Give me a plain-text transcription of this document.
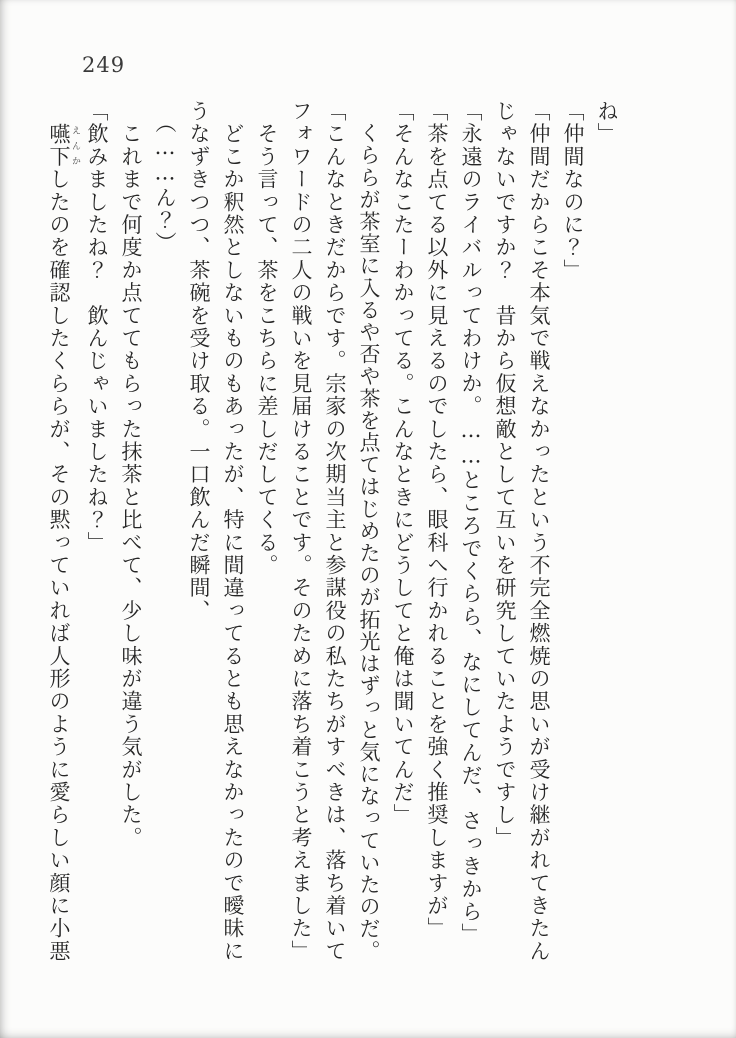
249

ね」

「仲間なのに？」

「仲間だからこそ本気で戦えなかったという不完全燃焼の思いが受け継がれてきたんじゃないですか？　昔から仮想敵として互いを研究していたようですし」

「永遠のライバルってわけか。……ところでくらら、なにしてんだ、さっきから」

「茶を点てる以外に見えるのでしたら、眼科へ行かれることを強く推奨しますが」

「そんなこたーわかってる。こんなときにどうしてと俺は聞いてんだ」

　くららが茶室に入るや否や茶を点てはじめたのが拓光はずっと気になっていたのだ。

「こんなときだからです。宗家の次期当主と参謀役の私たちがすべきは、落ち着いてフォワードの二人の戦いを見届けることです。そのために落ち着こうと考えました」

　そう言って、茶をこちらに差しだしてくる。

　どこか釈然としないものもあったが、特に間違ってるとも思えなかったので曖昧にうなずきつつ、茶碗を受け取る。一口飲んだ瞬間、

　（……ん？）

　これまで何度か点ててもらった抹茶と比べて、少し味が違う気がした。

「飲みましたね？　飲んじゃいましたね？」

　嚥下 えんかしたのを確認したくららが、その黙っていれば人形のように愛らしい顔に小悪
